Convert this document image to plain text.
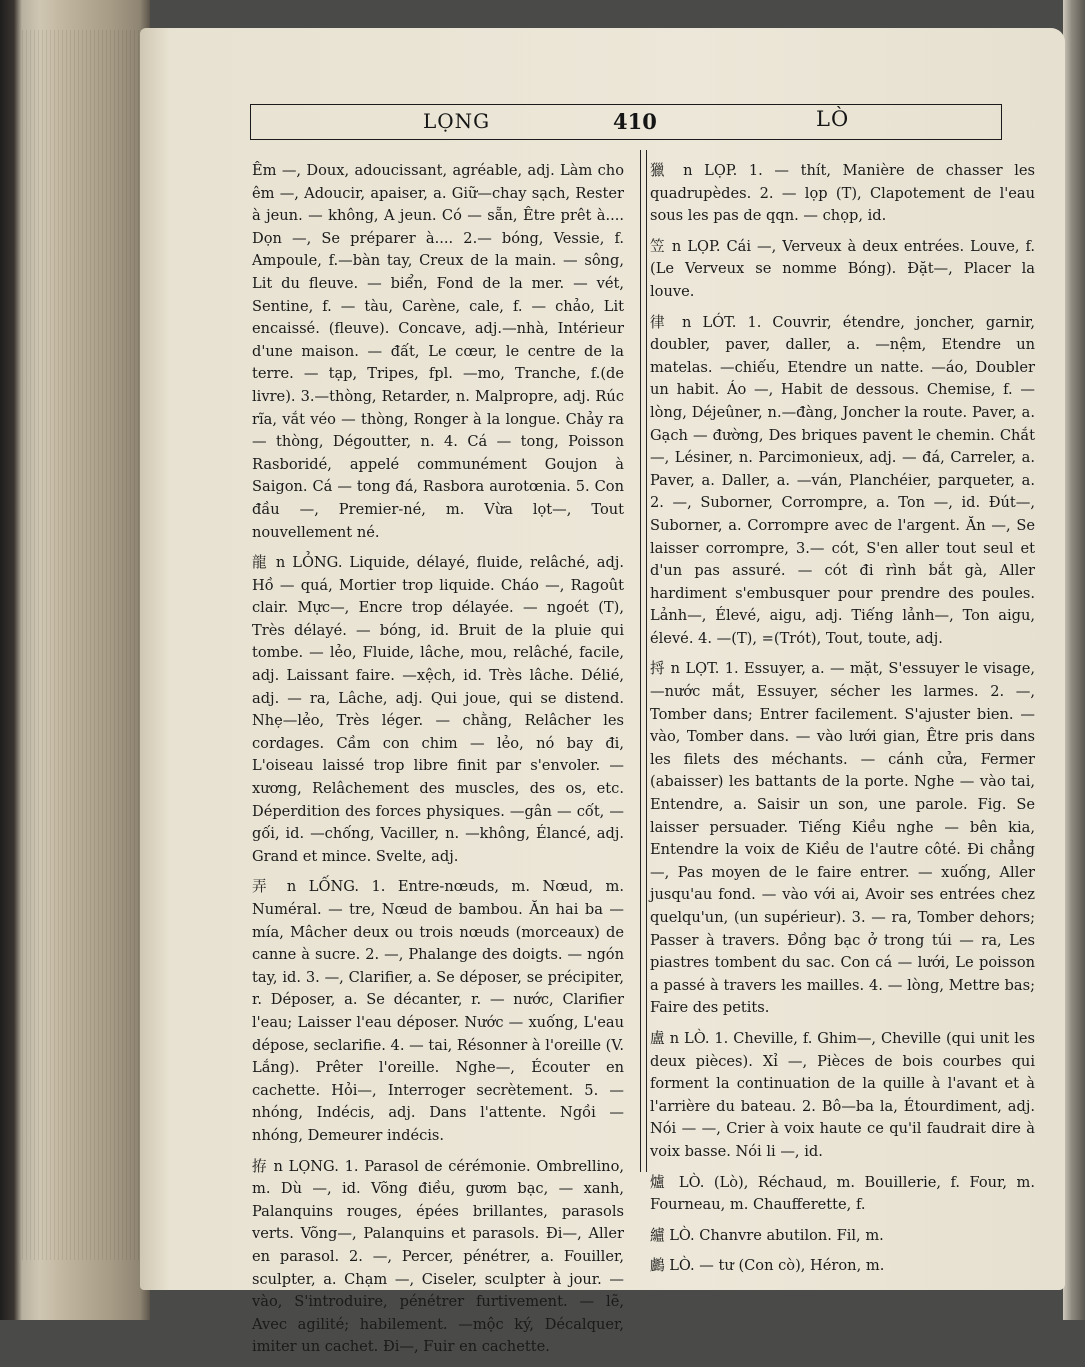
LỌNG	410	LÒ

Êm —, Doux, adoucissant, agréable, adj. Làm cho êm —, Adoucir, apaiser, a. Giữ—chay sạch, Rester à jeun. — không, A jeun. Có — sẵn, Être prêt à.... Dọn —, Se préparer à.... 2.— bóng, Vessie, f. Ampoule, f.—bàn tay, Creux de la main. — sông, Lit du fleuve. — biển, Fond de la mer. — vét, Sentine, f. — tàu, Carène, cale, f. — chảo, Lit encaissé. (fleuve). Concave, adj.—nhà, Intérieur d'une maison. — đất, Le cœur, le centre de la terre. — tạp, Tripes, fpl. —mo, Tranche, f.(de livre). 3.—thòng, Retarder, n. Malpropre, adj. Rúc rĩa, vắt véo — thòng, Ronger à la longue. Chảy ra — thòng, Dégoutter, n. 4. Cá — tong, Poisson Rasboridé, appelé communément Goujon à Saigon. Cá — tong đá, Rasbora aurotœnia. 5. Con đầu —, Premier-né, m. Vừa lọt—, Tout nouvellement né.

龍 n LỎNG. Liquide, délayé, fluide, relâché, adj. Hồ — quá, Mortier trop liquide. Cháo —, Ragoût clair. Mực—, Encre trop délayée. — ngoét (T), Très délayé. — bóng, id. Bruit de la pluie qui tombe. — lẻo, Fluide, lâche, mou, relâché, facile, adj. Laissant faire. —xệch, id. Très lâche. Délié, adj. — ra, Lâche, adj. Qui joue, qui se distend. Nhẹ—lẻo, Très léger. — chằng, Relâcher les cordages. Cầm con chim — lẻo, nó bay đi, L'oiseau laissé trop libre finit par s'envoler. —xương, Relâchement des muscles, des os, etc. Déperdition des forces physiques. —gân — cốt, —gối, id. —chống, Vaciller, n. —không, Élancé, adj. Grand et mince. Svelte, adj.

弄 n LỐNG. 1. Entre-nœuds, m. Nœud, m. Numéral. — tre, Nœud de bambou. Ăn hai ba — mía, Mâcher deux ou trois nœuds (morceaux) de canne à sucre. 2. —, Phalange des doigts. — ngón tay, id. 3. —, Clarifier, a. Se déposer, se précipiter, r. Déposer, a. Se décanter, r. — nước, Clarifier l'eau; Laisser l'eau déposer. Nước — xuống, L'eau dépose, seclarifie. 4. — tai, Résonner à l'oreille (V. Lắng). Prêter l'oreille. Nghe—, Écouter en cachette. Hỏi—, Interroger secrètement. 5. — nhóng, Indécis, adj. Dans l'attente. Ngồi — nhóng, Demeurer indécis.

拵 n LỌNG. 1. Parasol de cérémonie. Ombrellino, m. Dù —, id. Võng điều, gươm bạc, — xanh, Palanquins rouges, épées brillantes, parasols verts. Võng—, Palanquins et parasols. Đi—, Aller en parasol. 2. —, Percer, pénétrer, a. Fouiller, sculpter, a. Chạm —, Ciseler, sculpter à jour. — vào, S'introduire, pénétrer furtivement. — lẽ, Avec agilité; habilement. —mộc ký, Décalquer, imiter un cachet. Đi—, Fuir en cachette.

獵 n LỌP. 1. — thít, Manière de chasser les quadrupèdes. 2. — lọp (T), Clapotement de l'eau sous les pas de qqn. — chọp, id.

笠 n LỌP. Cái —, Verveux à deux entrées. Louve, f. (Le Verveux se nomme Bóng). Đặt—, Placer la louve.

律 n LÓT. 1. Couvrir, étendre, joncher, garnir, doubler, paver, daller, a. —nệm, Etendre un matelas. —chiếu, Etendre un natte. —áo, Doubler un habit. Áo —, Habit de dessous. Chemise, f. — lòng, Déjeûner, n.—đàng, Joncher la route. Paver, a. Gạch — đường, Des briques pavent le chemin. Chắt—, Lésiner, n. Parcimonieux, adj. — đá, Carreler, a. Paver, a. Daller, a. —ván, Planchéier, parqueter, a. 2. —, Suborner, Corrompre, a. Ton —, id. Đút—, Suborner, a. Corrompre avec de l'argent. Ăn —, Se laisser corrompre, 3.— cót, S'en aller tout seul et d'un pas assuré. — cót đi rình bắt gà, Aller hardiment s'embusquer pour prendre des poules. Lảnh—, Élevé, aigu, adj. Tiếng lảnh—, Ton aigu, élevé. 4. —(T), =(Trót), Tout, toute, adj.

捋 n LỌT. 1. Essuyer, a. — mặt, S'essuyer le visage, —nước mắt, Essuyer, sécher les larmes. 2. —, Tomber dans; Entrer facilement. S'ajuster bien. — vào, Tomber dans. — vào lưới gian, Être pris dans les filets des méchants. — cánh cửa, Fermer (abaisser) les battants de la porte. Nghe — vào tai, Entendre, a. Saisir un son, une parole. Fig. Se laisser persuader. Tiếng Kiều nghe — bên kia, Entendre la voix de Kiều de l'autre côté. Đi chẳng—, Pas moyen de le faire entrer. — xuống, Aller jusqu'au fond. — vào với ai, Avoir ses entrées chez quelqu'un, (un supérieur). 3. — ra, Tomber dehors; Passer à travers. Đồng bạc ở trong túi — ra, Les piastres tombent du sac. Con cá — lưới, Le poisson a passé à travers les mailles. 4. — lòng, Mettre bas; Faire des petits.

盧 n LÒ. 1. Cheville, f. Ghim—, Cheville (qui unit les deux pièces). Xỉ —, Pièces de bois courbes qui forment la continuation de la quille à l'avant et à l'arrière du bateau. 2. Bô—ba la, Étourdiment, adj. Nói — —, Crier à voix haute ce qu'il faudrait dire à voix basse. Nói li —, id.

爐 LÒ. (Lò), Réchaud, m. Bouillerie, f. Four, m. Fourneau, m. Chaufferette, f.

纑 LÒ. Chanvre abutilon. Fil, m.

鸕 LÒ. — tư (Con cò), Héron, m.
